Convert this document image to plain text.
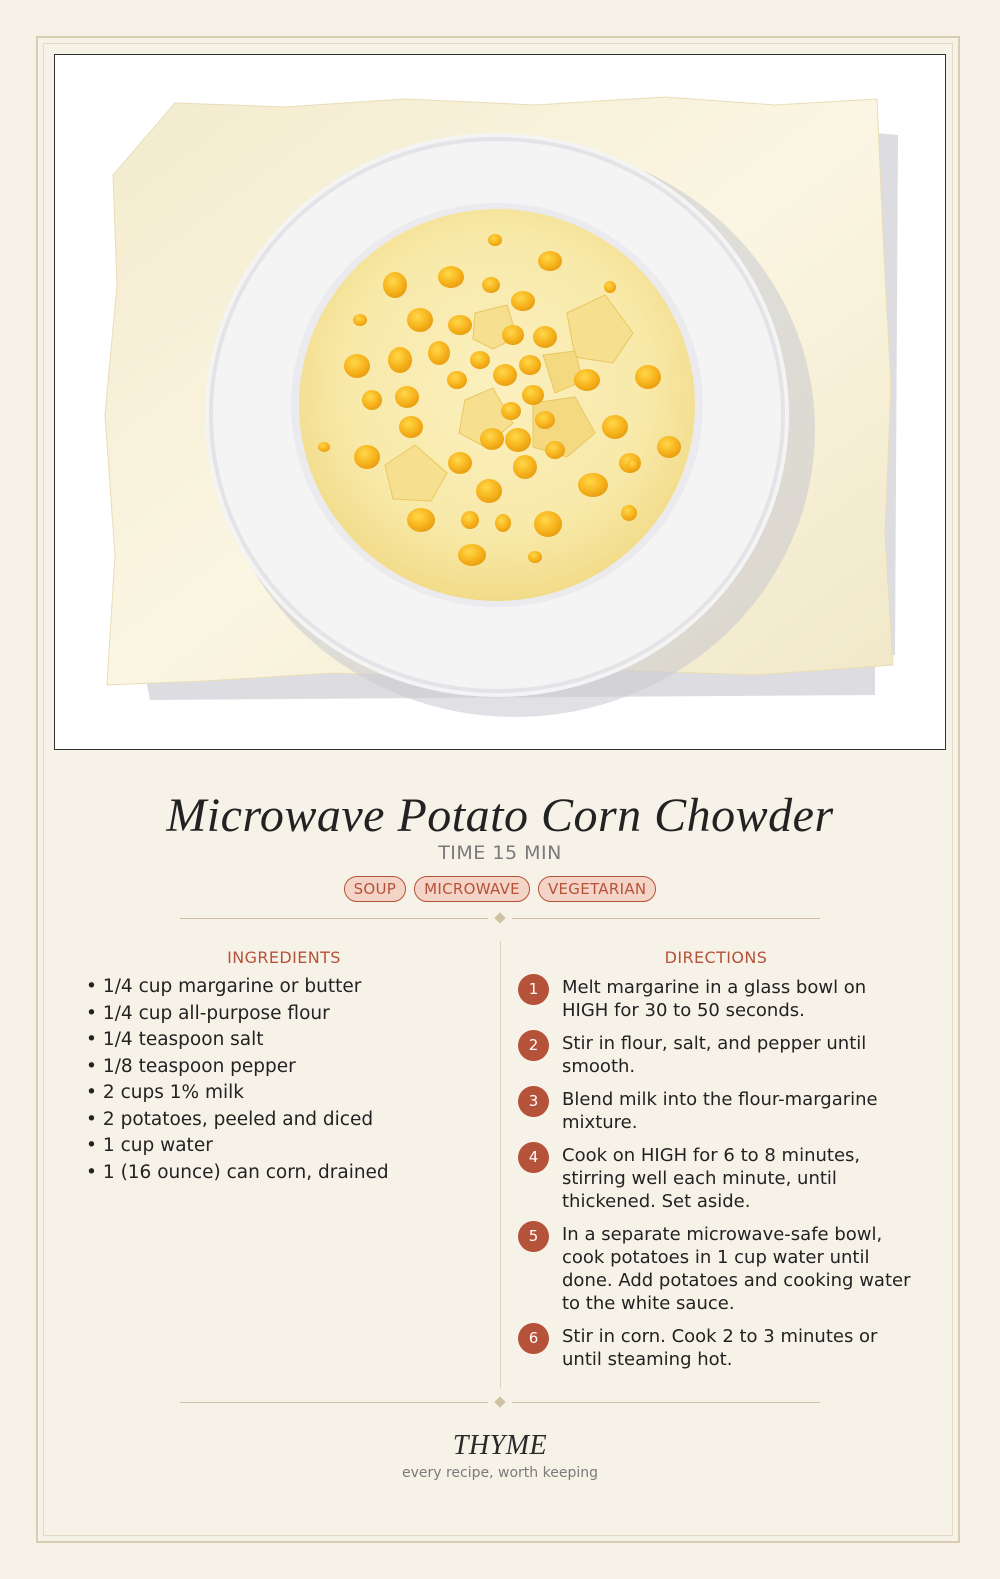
Microwave Potato Corn Chowder
TIME 15 MIN
SOUP	MICROWAVE	VEGETARIAN
INGREDIENTS
• 1/4 cup margarine or butter
• 1/4 cup all-purpose flour
• 1/4 teaspoon salt
• 1/8 teaspoon pepper
• 2 cups 1% milk
• 2 potatoes, peeled and diced
• 1 cup water
• 1 (16 ounce) can corn, drained
DIRECTIONS
1	Melt margarine in a glass bowl on HIGH for 30 to 50 seconds.
2	Stir in flour, salt, and pepper until smooth.
3	Blend milk into the flour-margarine mixture.
4	Cook on HIGH for 6 to 8 minutes, stirring well each minute, until thickened. Set aside.
5	In a separate microwave-safe bowl, cook potatoes in 1 cup water until done. Add potatoes and cooking water to the white sauce.
6	Stir in corn. Cook 2 to 3 minutes or until steaming hot.
THYME
every recipe, worth keeping
